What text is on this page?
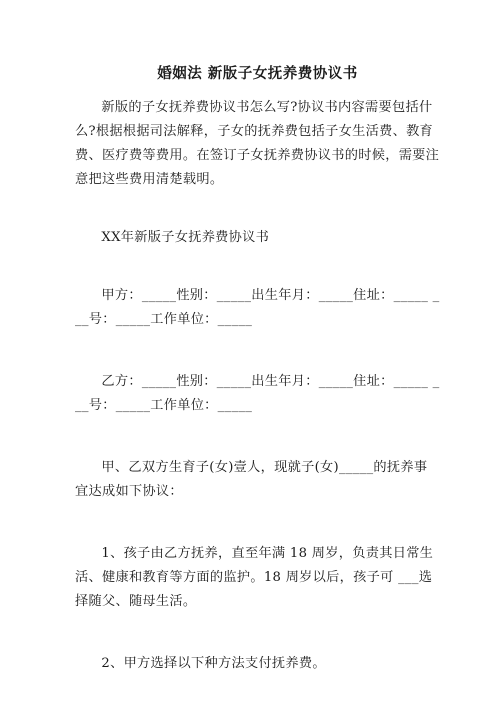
婚姻法 新版子女抚养费协议书

新版的子女抚养费协议书怎么写?协议书内容需要包括什么?根据根据司法解释，子女的抚养费包括子女生活费、教育费、医疗费等费用。在签订子女抚养费协议书的时候，需要注意把这些费用清楚载明。

XX年新版子女抚养费协议书

甲方：_____性别：_____出生年月：_____住址：_____ ___号：_____工作单位：_____

乙方：_____性别：_____出生年月：_____住址：_____ ___号：_____工作单位：_____

甲、乙双方生育子(女)壹人，现就子(女)_____的抚养事宜达成如下协议：

1、孩子由乙方抚养，直至年满 18 周岁，负责其日常生活、健康和教育等方面的监护。18 周岁以后，孩子可 ___选择随父、随母生活。

2、甲方选择以下种方法支付抚养费。
